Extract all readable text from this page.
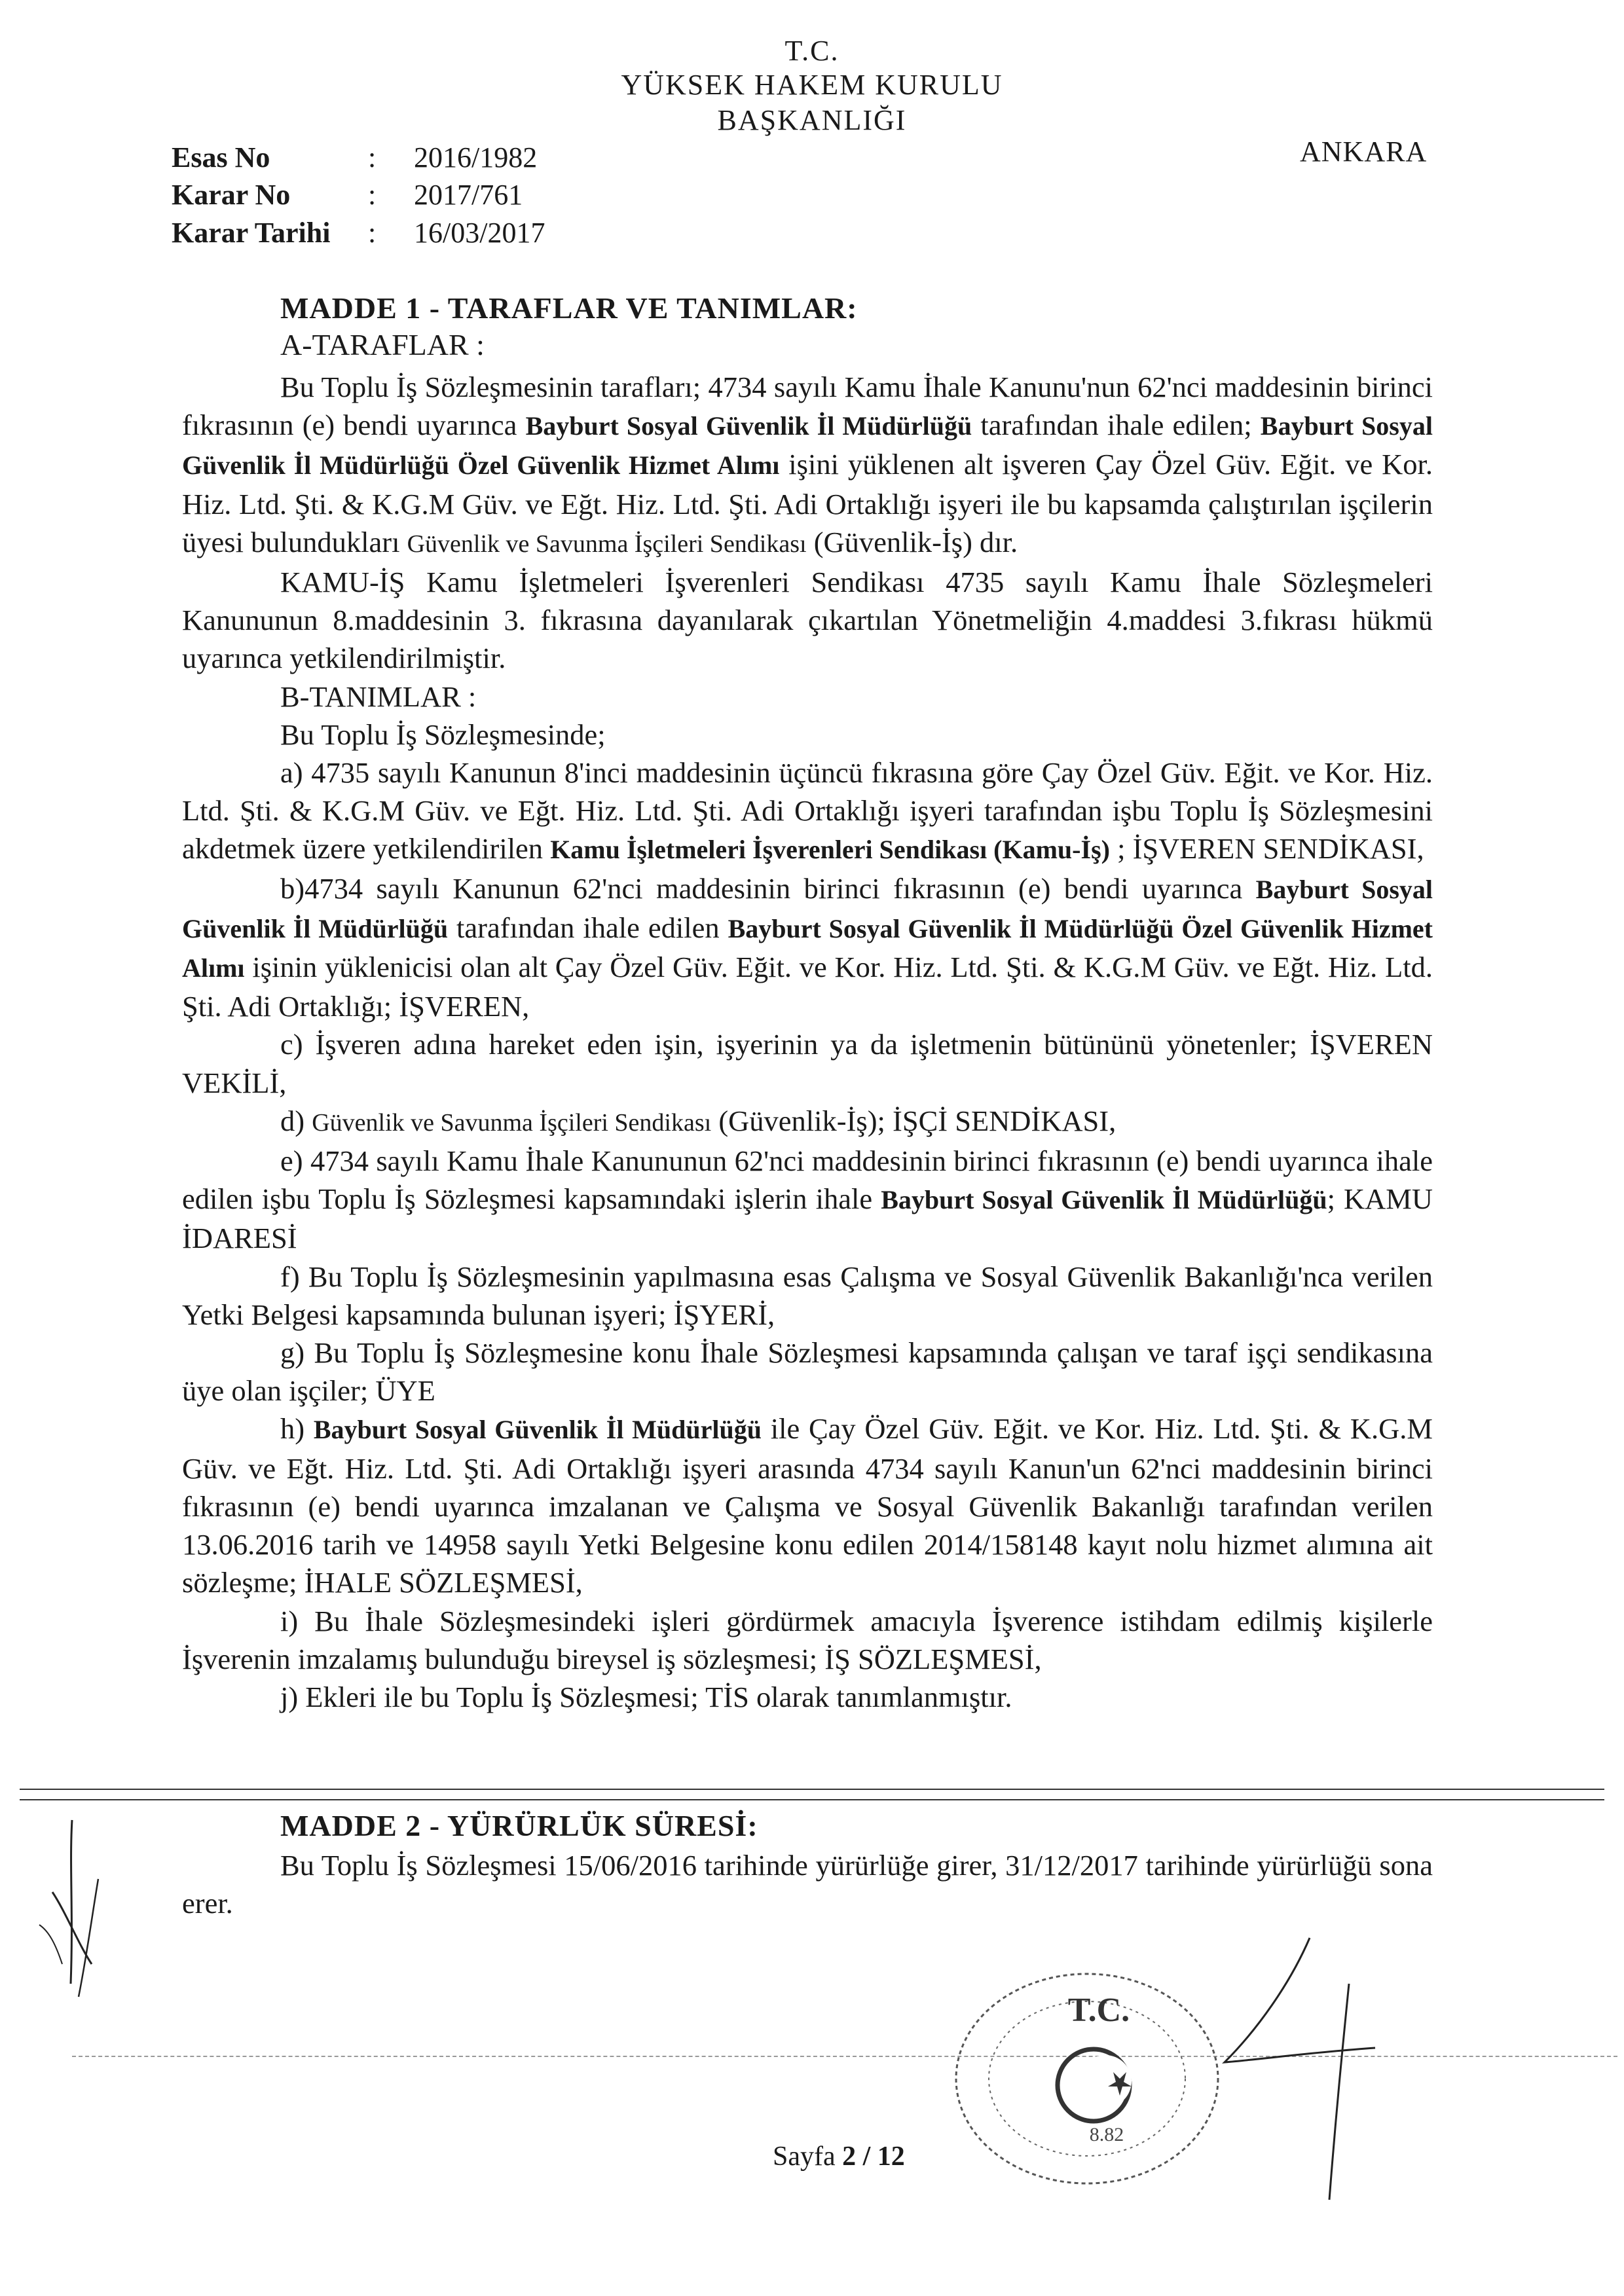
T.C.
YÜKSEK HAKEM KURULU
BAŞKANLIĞI
Esas No	: 2016/1982
Karar No	: 2017/761
Karar Tarihi : 16/03/2017
ANKARA
MADDE 1 - TARAFLAR VE TANIMLAR:
A-TARAFLAR :

Bu Toplu İş Sözleşmesinin tarafları; 4734 sayılı Kamu İhale Kanunu'nun 62'nci maddesinin birinci fıkrasının (e) bendi uyarınca Bayburt Sosyal Güvenlik İl Müdürlüğü tarafından ihale edilen; Bayburt Sosyal Güvenlik İl Müdürlüğü Özel Güvenlik Hizmet Alımı işini yüklenen alt işveren Çay Özel Güv. Eğit. ve Kor. Hiz. Ltd. Şti. & K.G.M Güv. ve Eğt. Hiz. Ltd. Şti. Adi Ortaklığı işyeri ile bu kapsamda çalıştırılan işçilerin üyesi bulundukları Güvenlik ve Savunma İşçileri Sendikası (Güvenlik-İş) dır.

KAMU-İŞ Kamu İşletmeleri İşverenleri Sendikası 4735 sayılı Kamu İhale Sözleşmeleri Kanununun 8.maddesinin 3. fıkrasına dayanılarak çıkartılan Yönetmeliğin 4.maddesi 3.fıkrası hükmü uyarınca yetkilendirilmiştir.

B-TANIMLAR :

Bu Toplu İş Sözleşmesinde;

a) 4735 sayılı Kanunun 8'inci maddesinin üçüncü fıkrasına göre Çay Özel Güv. Eğit. ve Kor. Hiz. Ltd. Şti. & K.G.M Güv. ve Eğt. Hiz. Ltd. Şti. Adi Ortaklığı işyeri tarafından işbu Toplu İş Sözleşmesini akdetmek üzere yetkilendirilen Kamu İşletmeleri İşverenleri Sendikası (Kamu-İş) ; İŞVEREN SENDİKASI,

b)4734 sayılı Kanunun 62'nci maddesinin birinci fıkrasının (e) bendi uyarınca Bayburt Sosyal Güvenlik İl Müdürlüğü tarafından ihale edilen Bayburt Sosyal Güvenlik İl Müdürlüğü Özel Güvenlik Hizmet Alımı işinin yüklenicisi olan alt Çay Özel Güv. Eğit. ve Kor. Hiz. Ltd. Şti. & K.G.M Güv. ve Eğt. Hiz. Ltd. Şti. Adi Ortaklığı; İŞVEREN,

c) İşveren adına hareket eden işin, işyerinin ya da işletmenin bütününü yönetenler; İŞVEREN VEKİLİ,

d) Güvenlik ve Savunma İşçileri Sendikası (Güvenlik-İş); İŞÇİ SENDİKASI,

e) 4734 sayılı Kamu İhale Kanununun 62'nci maddesinin birinci fıkrasının (e) bendi uyarınca ihale edilen işbu Toplu İş Sözleşmesi kapsamındaki işlerin ihale Bayburt Sosyal Güvenlik İl Müdürlüğü; KAMU İDARESİ

f) Bu Toplu İş Sözleşmesinin yapılmasına esas Çalışma ve Sosyal Güvenlik Bakanlığı'nca verilen Yetki Belgesi kapsamında bulunan işyeri; İŞYERİ,

g) Bu Toplu İş Sözleşmesine konu İhale Sözleşmesi kapsamında çalışan ve taraf işçi sendikasına üye olan işçiler; ÜYE

h) Bayburt Sosyal Güvenlik İl Müdürlüğü ile Çay Özel Güv. Eğit. ve Kor. Hiz. Ltd. Şti. & K.G.M Güv. ve Eğt. Hiz. Ltd. Şti. Adi Ortaklığı işyeri arasında 4734 sayılı Kanun'un 62'nci maddesinin birinci fıkrasının (e) bendi uyarınca imzalanan ve Çalışma ve Sosyal Güvenlik Bakanlığı tarafından verilen 13.06.2016 tarih ve 14958 sayılı Yetki Belgesine konu edilen 2014/158148 kayıt nolu hizmet alımına ait sözleşme; İHALE SÖZLEŞMESİ,

i) Bu İhale Sözleşmesindeki işleri gördürmek amacıyla İşverence istihdam edilmiş kişilerle İşverenin imzalamış bulunduğu bireysel iş sözleşmesi; İŞ SÖZLEŞMESİ,

j) Ekleri ile bu Toplu İş Sözleşmesi; TİS olarak tanımlanmıştır.

MADDE 2 - YÜRÜRLÜK SÜRESİ:

Bu Toplu İş Sözleşmesi 15/06/2016 tarihinde yürürlüğe girer, 31/12/2017 tarihinde yürürlüğü sona erer.

T.C.
8.82
Sayfa 2 / 12
